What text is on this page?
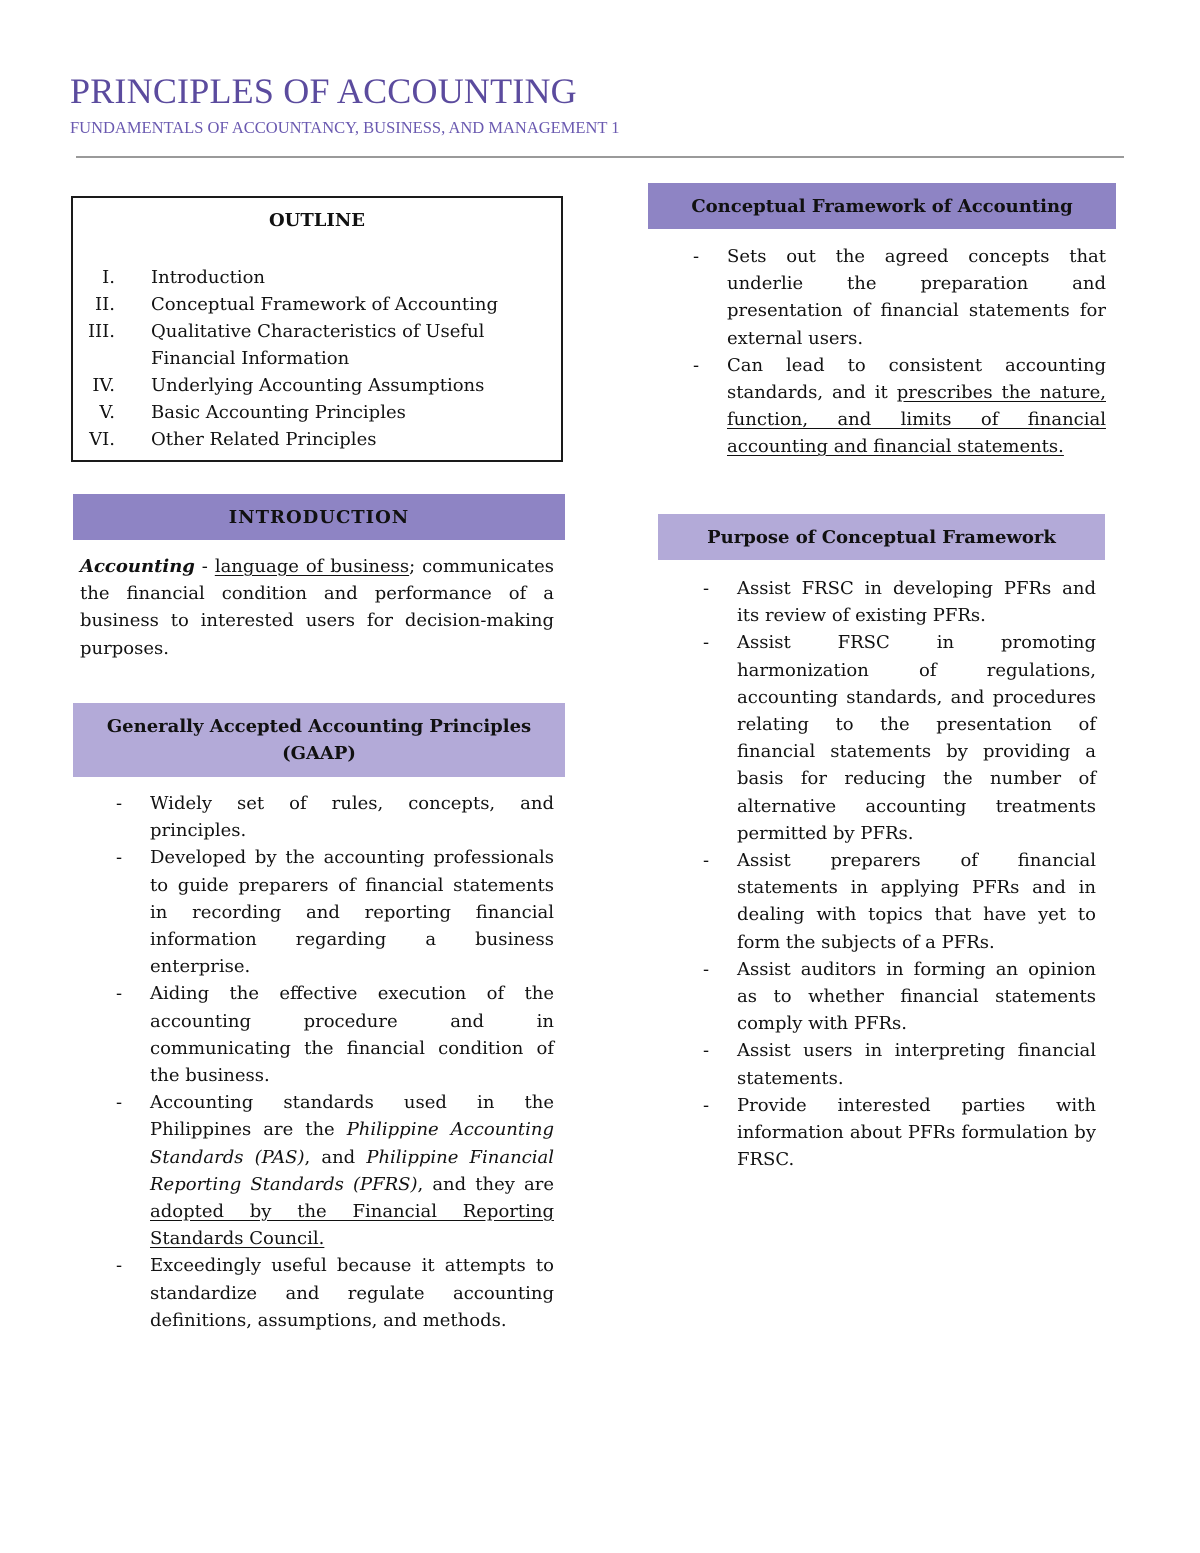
PRINCIPLES OF ACCOUNTING
FUNDAMENTALS OF ACCOUNTANCY, BUSINESS, AND MANAGEMENT 1
OUTLINE
I. Introduction
II. Conceptual Framework of Accounting
III. Qualitative Characteristics of Useful Financial Information
IV. Underlying Accounting Assumptions
V. Basic Accounting Principles
VI. Other Related Principles
INTRODUCTION

Accounting - language of business; communicates the financial condition and performance of a business to interested users for decision-making purposes.

Generally Accepted Accounting Principles (GAAP)
- Widely set of rules, concepts, and principles.
- Developed by the accounting professionals to guide preparers of financial statements in recording and reporting financial information regarding a business enterprise.
- Aiding the effective execution of the accounting procedure and in communicating the financial condition of the business.
- Accounting standards used in the Philippines are the Philippine Accounting Standards (PAS), and Philippine Financial Reporting Standards (PFRS), and they are adopted by the Financial Reporting Standards Council.
- Exceedingly useful because it attempts to standardize and regulate accounting definitions, assumptions, and methods.
Conceptual Framework of Accounting
- Sets out the agreed concepts that underlie the preparation and presentation of financial statements for external users.
- Can lead to consistent accounting standards, and it prescribes the nature, function, and limits of financial accounting and financial statements.
Purpose of Conceptual Framework
- Assist FRSC in developing PFRs and its review of existing PFRs.
- Assist FRSC in promoting harmonization of regulations, accounting standards, and procedures relating to the presentation of financial statements by providing a basis for reducing the number of alternative accounting treatments permitted by PFRs.
- Assist preparers of financial statements in applying PFRs and in dealing with topics that have yet to form the subjects of a PFRs.
- Assist auditors in forming an opinion as to whether financial statements comply with PFRs.
- Assist users in interpreting financial statements.
- Provide interested parties with information about PFRs formulation by FRSC.
